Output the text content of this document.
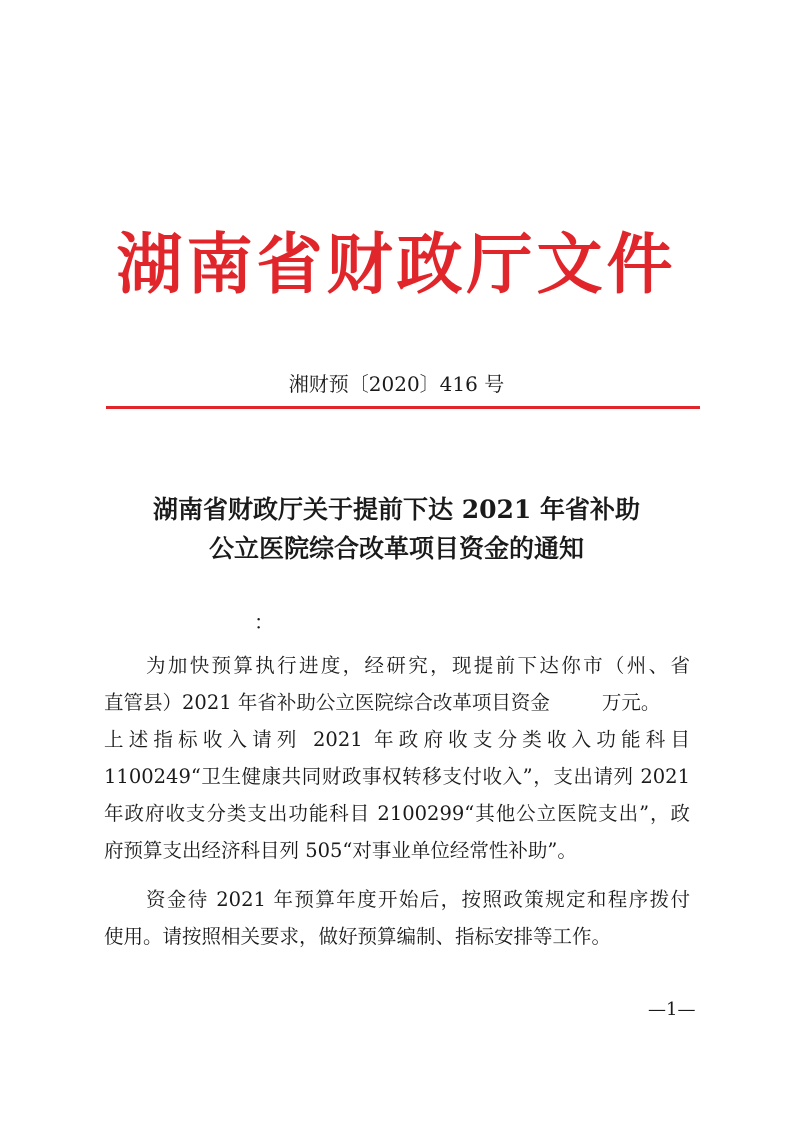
湖南省财政厅文件
湘财预〔2020〕416 号
湖南省财政厅关于提前下达 2021 年省补助
公立医院综合改革项目资金的通知
：
为加快预算执行进度，经研究，现提前下达你市（州、省
直管县）2021 年省补助公立医院综合改革项目资金	万元。
上述指标收入请列 2021 年政府收支分类收入功能科目
1100249“卫生健康共同财政事权转移支付收入”，支出请列 2021
年政府收支分类支出功能科目 2100299“其他公立医院支出”，政
府预算支出经济科目列 505“对事业单位经常性补助”。
资金待 2021 年预算年度开始后，按照政策规定和程序拨付
使用。请按照相关要求，做好预算编制、指标安排等工作。
—1—
